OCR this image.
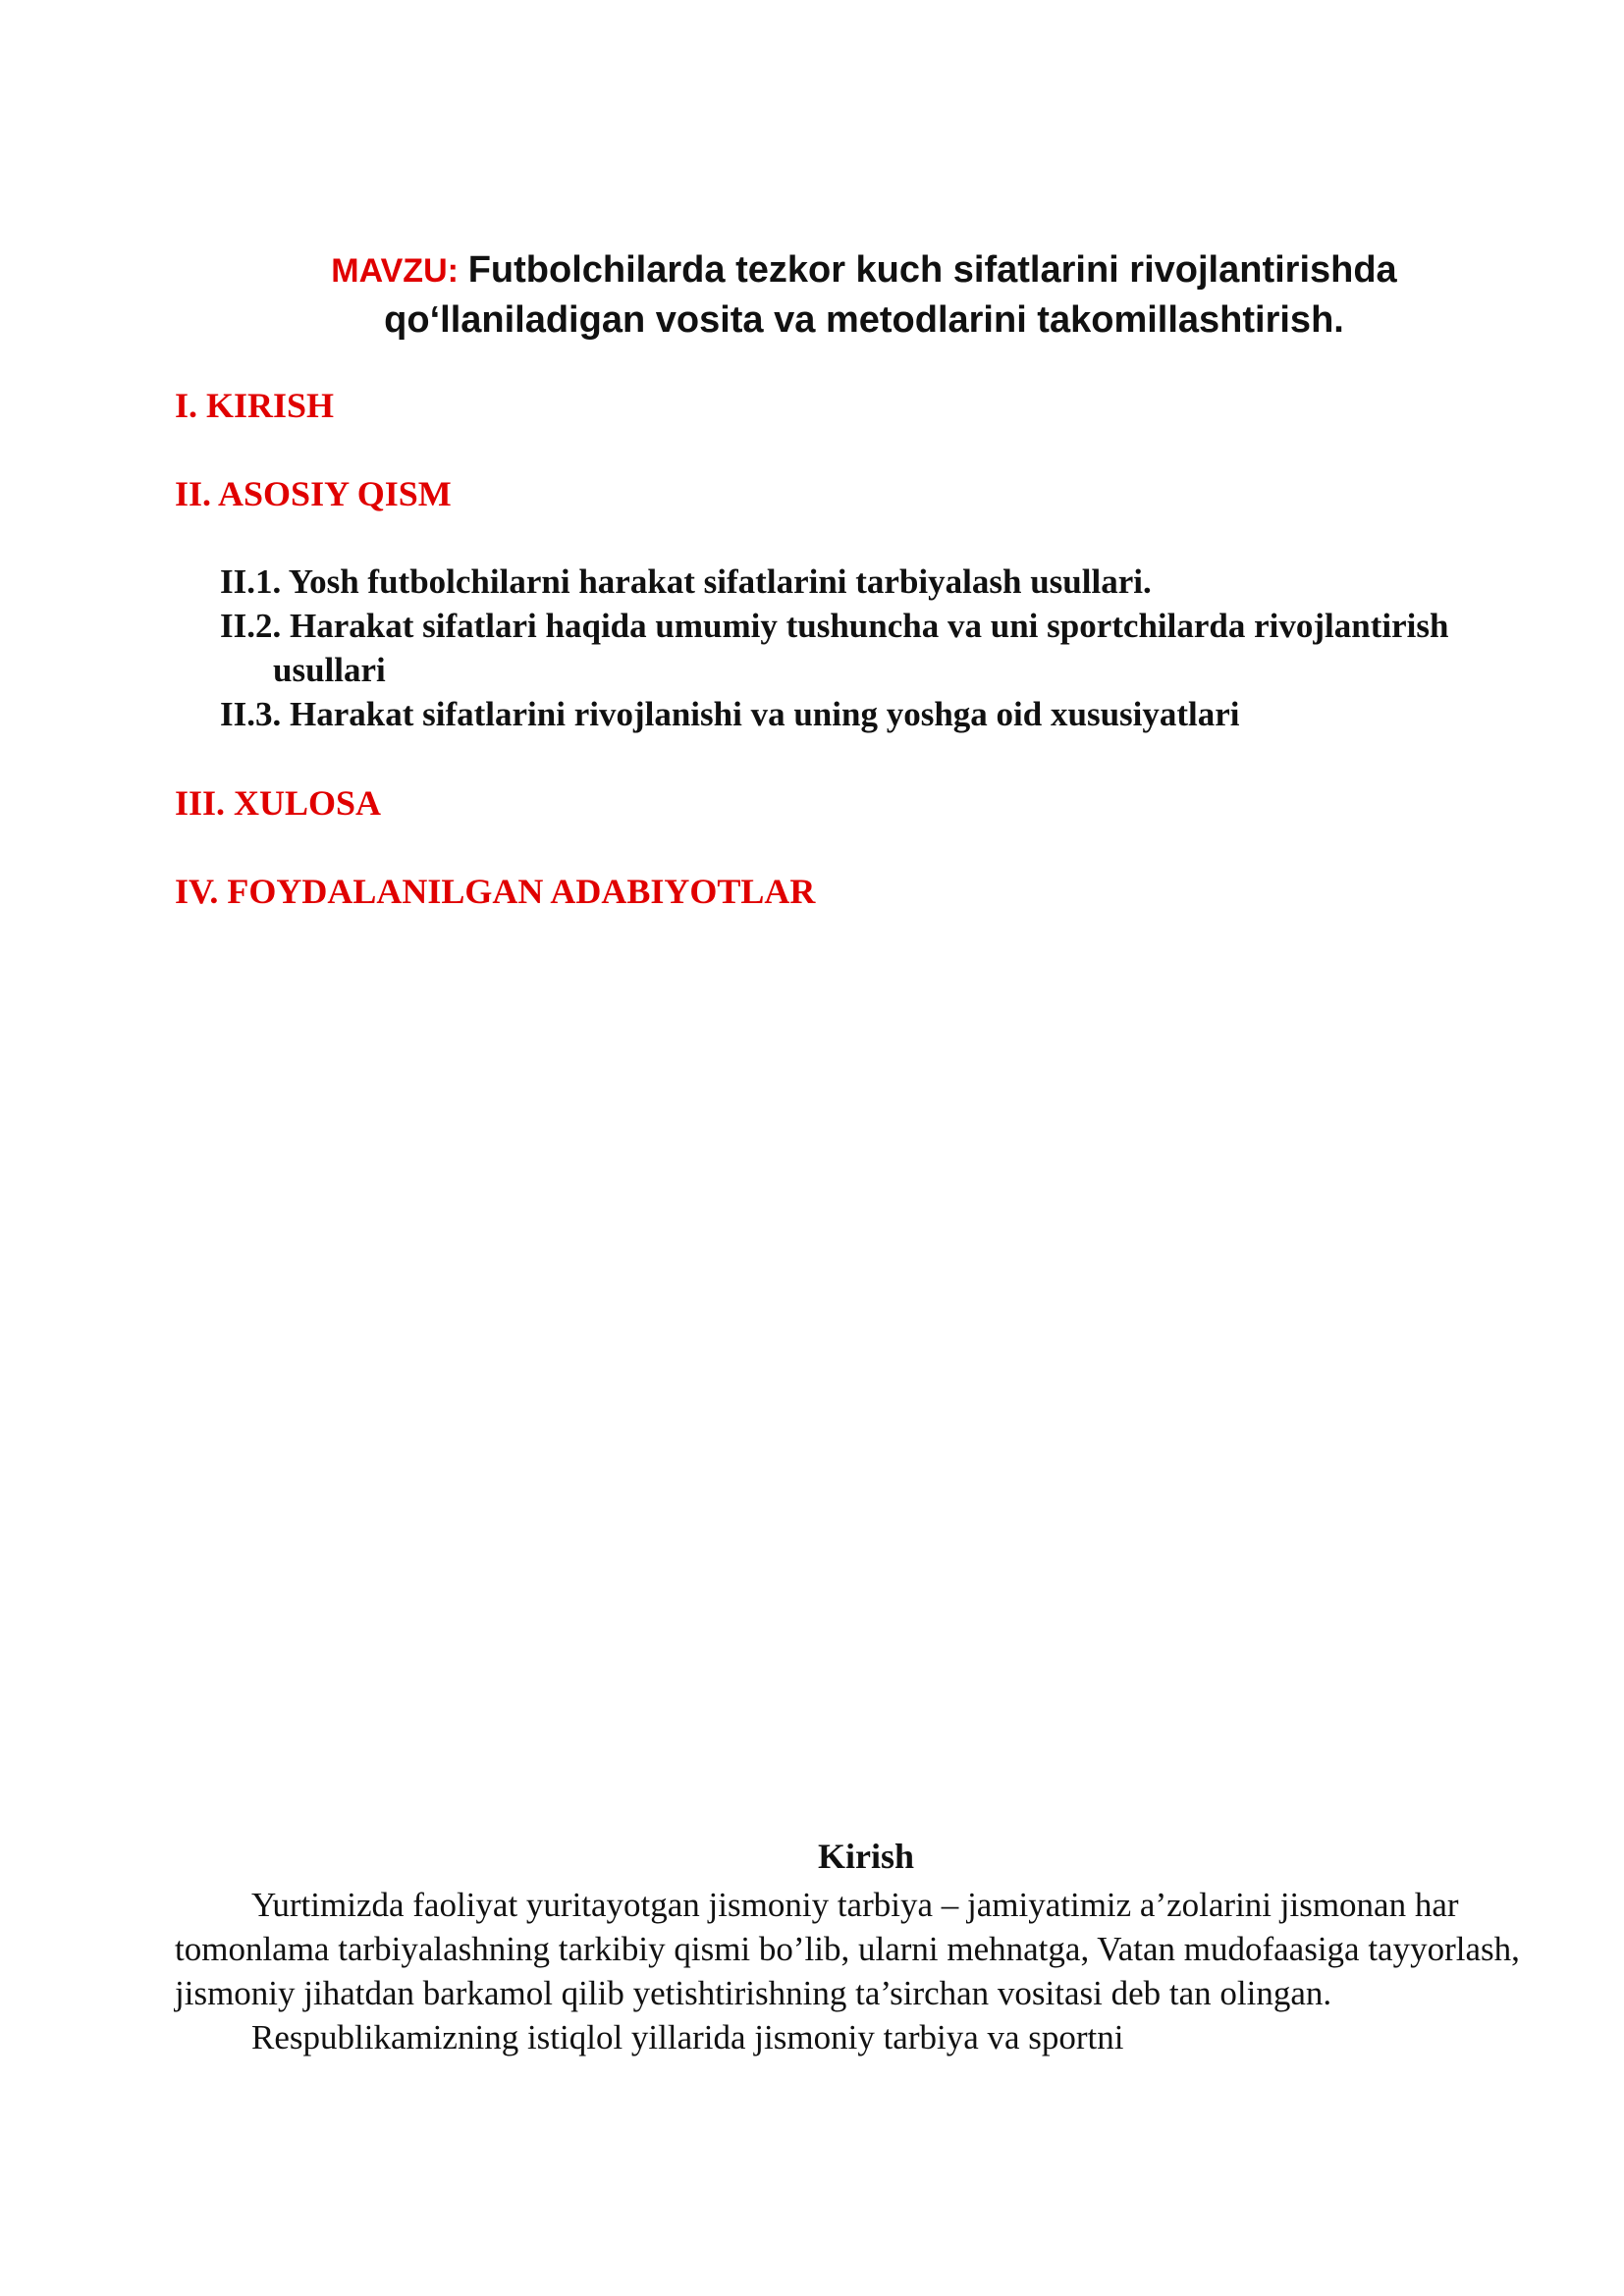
MAVZU: Futbolchilarda tezkor kuch sifatlarini rivojlantirishda
qo‘llaniladigan vosita va metodlarini takomillashtirish.
I. KIRISH
II. ASOSIY QISM
II.1. Yosh futbolchilarni harakat sifatlarini tarbiyalash usullari.
II.2. Harakat sifatlari haqida umumiy tushuncha va uni sportchilarda rivojlantirish usullari
II.3. Harakat sifatlarini rivojlanishi va uning yoshga oid xususiyatlari
III. XULOSA
IV. FOYDALANILGAN ADABIYOTLAR
Kirish

Yurtimizda faoliyat yuritayotgan jismoniy tarbiya – jamiyatimiz a’zolarini jismonan har tomonlama tarbiyalashning tarkibiy qismi bo’lib, ularni mehnatga, Vatan mudofaasiga tayyorlash, jismoniy jihatdan barkamol qilib yetishtirishning ta’sirchan vositasi deb tan olingan.

Respublikamizning istiqlol yillarida jismoniy tarbiya va sportni
